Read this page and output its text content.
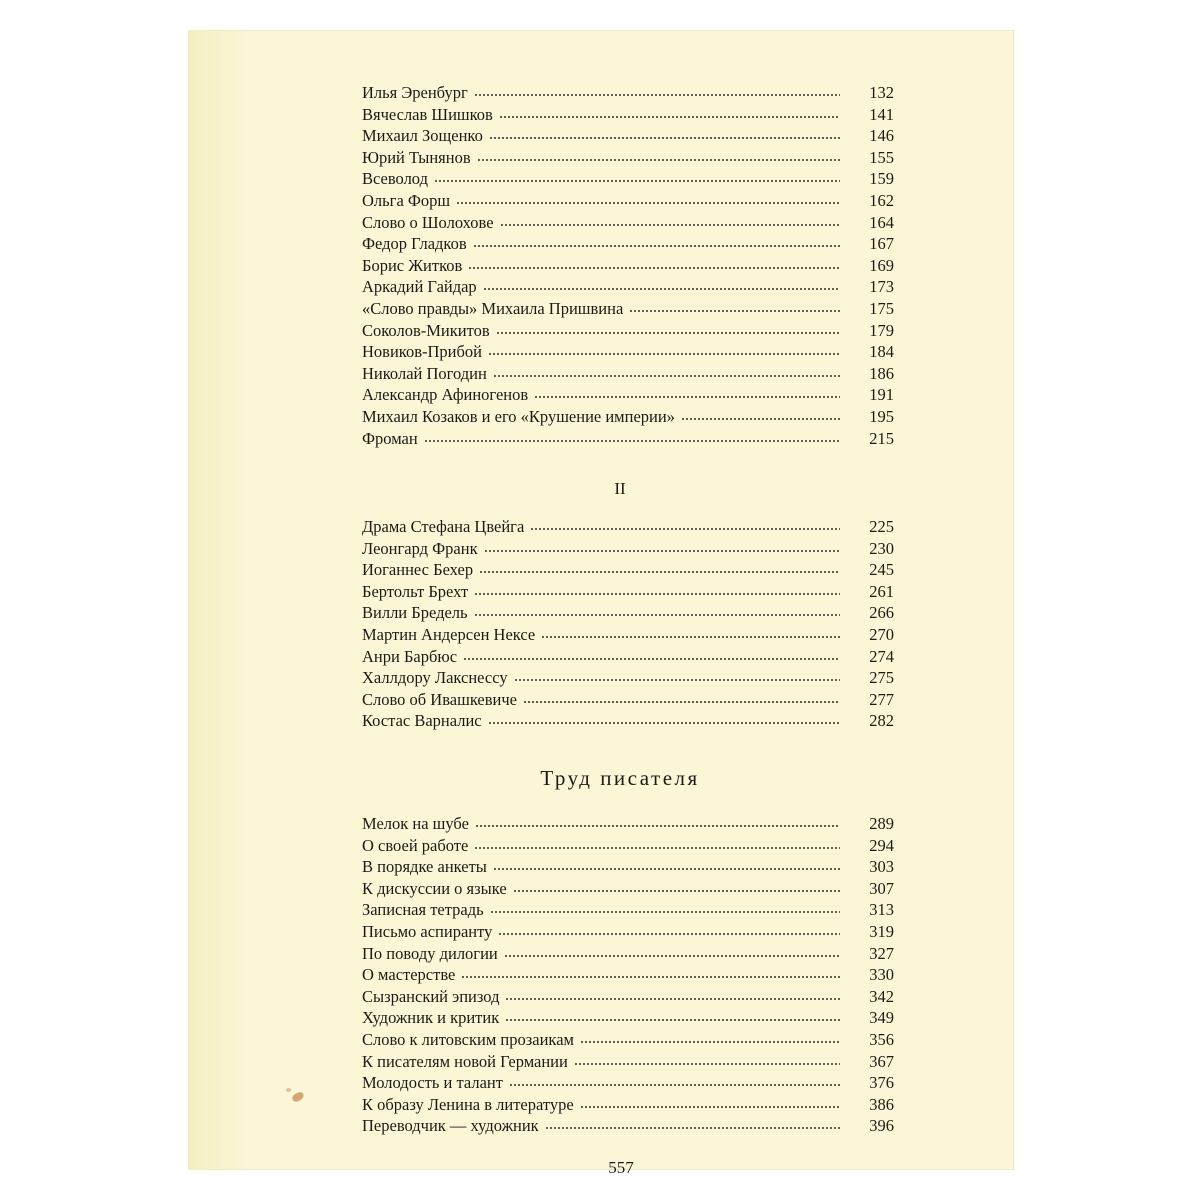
Илья Эренбург	132
Вячеслав Шишков	141
Михаил Зощенко	146
Юрий Тынянов	155
Всеволод	159
Ольга Форш	162
Слово о Шолохове	164
Федор Гладков	167
Борис Житков	169
Аркадий Гайдар	173
«Слово правды» Михаила Пришвина	175
Соколов-Микитов	179
Новиков-Прибой	184
Николай Погодин	186
Александр Афиногенов	191
Михаил Козаков и его «Крушение империи»	195
Фроман	215
II
Драма Стефана Цвейга	225
Леонгард Франк	230
Иоганнес Бехер	245
Бертольт Брехт	261
Вилли Бредель	266
Мартин Андерсен Нексе	270
Анри Барбюс	274
Халлдору Лакснессу	275
Слово об Ивашкевиче	277
Костас Варналис	282
Труд писателя
Мелок на шубе	289
О своей работе	294
В порядке анкеты	303
К дискуссии о языке	307
Записная тетрадь	313
Письмо аспиранту	319
По поводу дилогии	327
О мастерстве	330
Сызранский эпизод	342
Художник и критик	349
Слово к литовским прозаикам	356
К писателям новой Германии	367
Молодость и талант	376
К образу Ленина в литературе	386
Переводчик — художник	396
557
